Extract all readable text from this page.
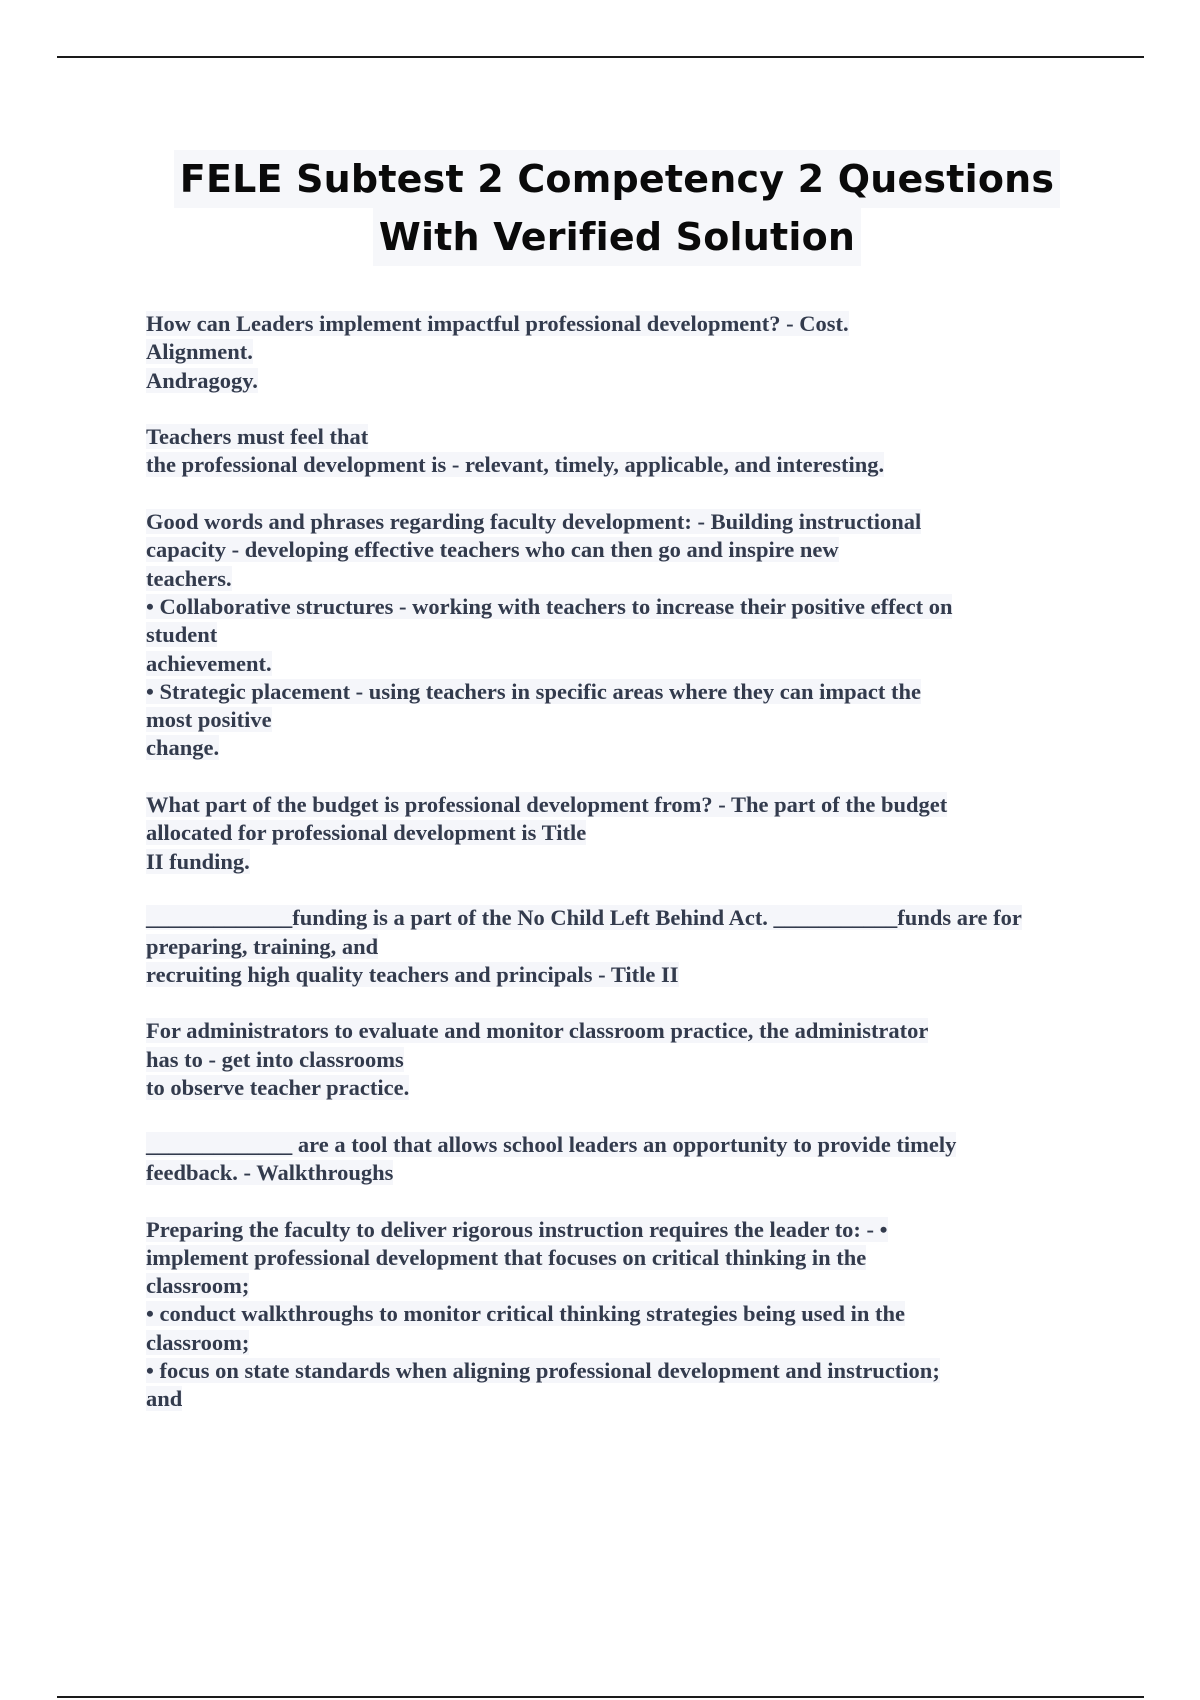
FELE Subtest 2 Competency 2 Questions
With Verified Solution
How can Leaders implement impactful professional development? - Cost.
Alignment.
Andragogy.
Teachers must feel that
the professional development is - relevant, timely, applicable, and interesting.
Good words and phrases regarding faculty development: - Building instructional
capacity - developing effective teachers who can then go and inspire new
teachers.
• Collaborative structures - working with teachers to increase their positive effect on
student
achievement.
• Strategic placement - using teachers in specific areas where they can impact the
most positive
change.
What part of the budget is professional development from? - The part of the budget
allocated for professional development is Title
II funding.
_____________funding is a part of the No Child Left Behind Act. ___________funds are for
preparing, training, and
recruiting high quality teachers and principals - Title II
For administrators to evaluate and monitor classroom practice, the administrator
has to - get into classrooms
to observe teacher practice.
_____________ are a tool that allows school leaders an opportunity to provide timely
feedback. - Walkthroughs
Preparing the faculty to deliver rigorous instruction requires the leader to: - •
implement professional development that focuses on critical thinking in the
classroom;
• conduct walkthroughs to monitor critical thinking strategies being used in the
classroom;
• focus on state standards when aligning professional development and instruction;
and
